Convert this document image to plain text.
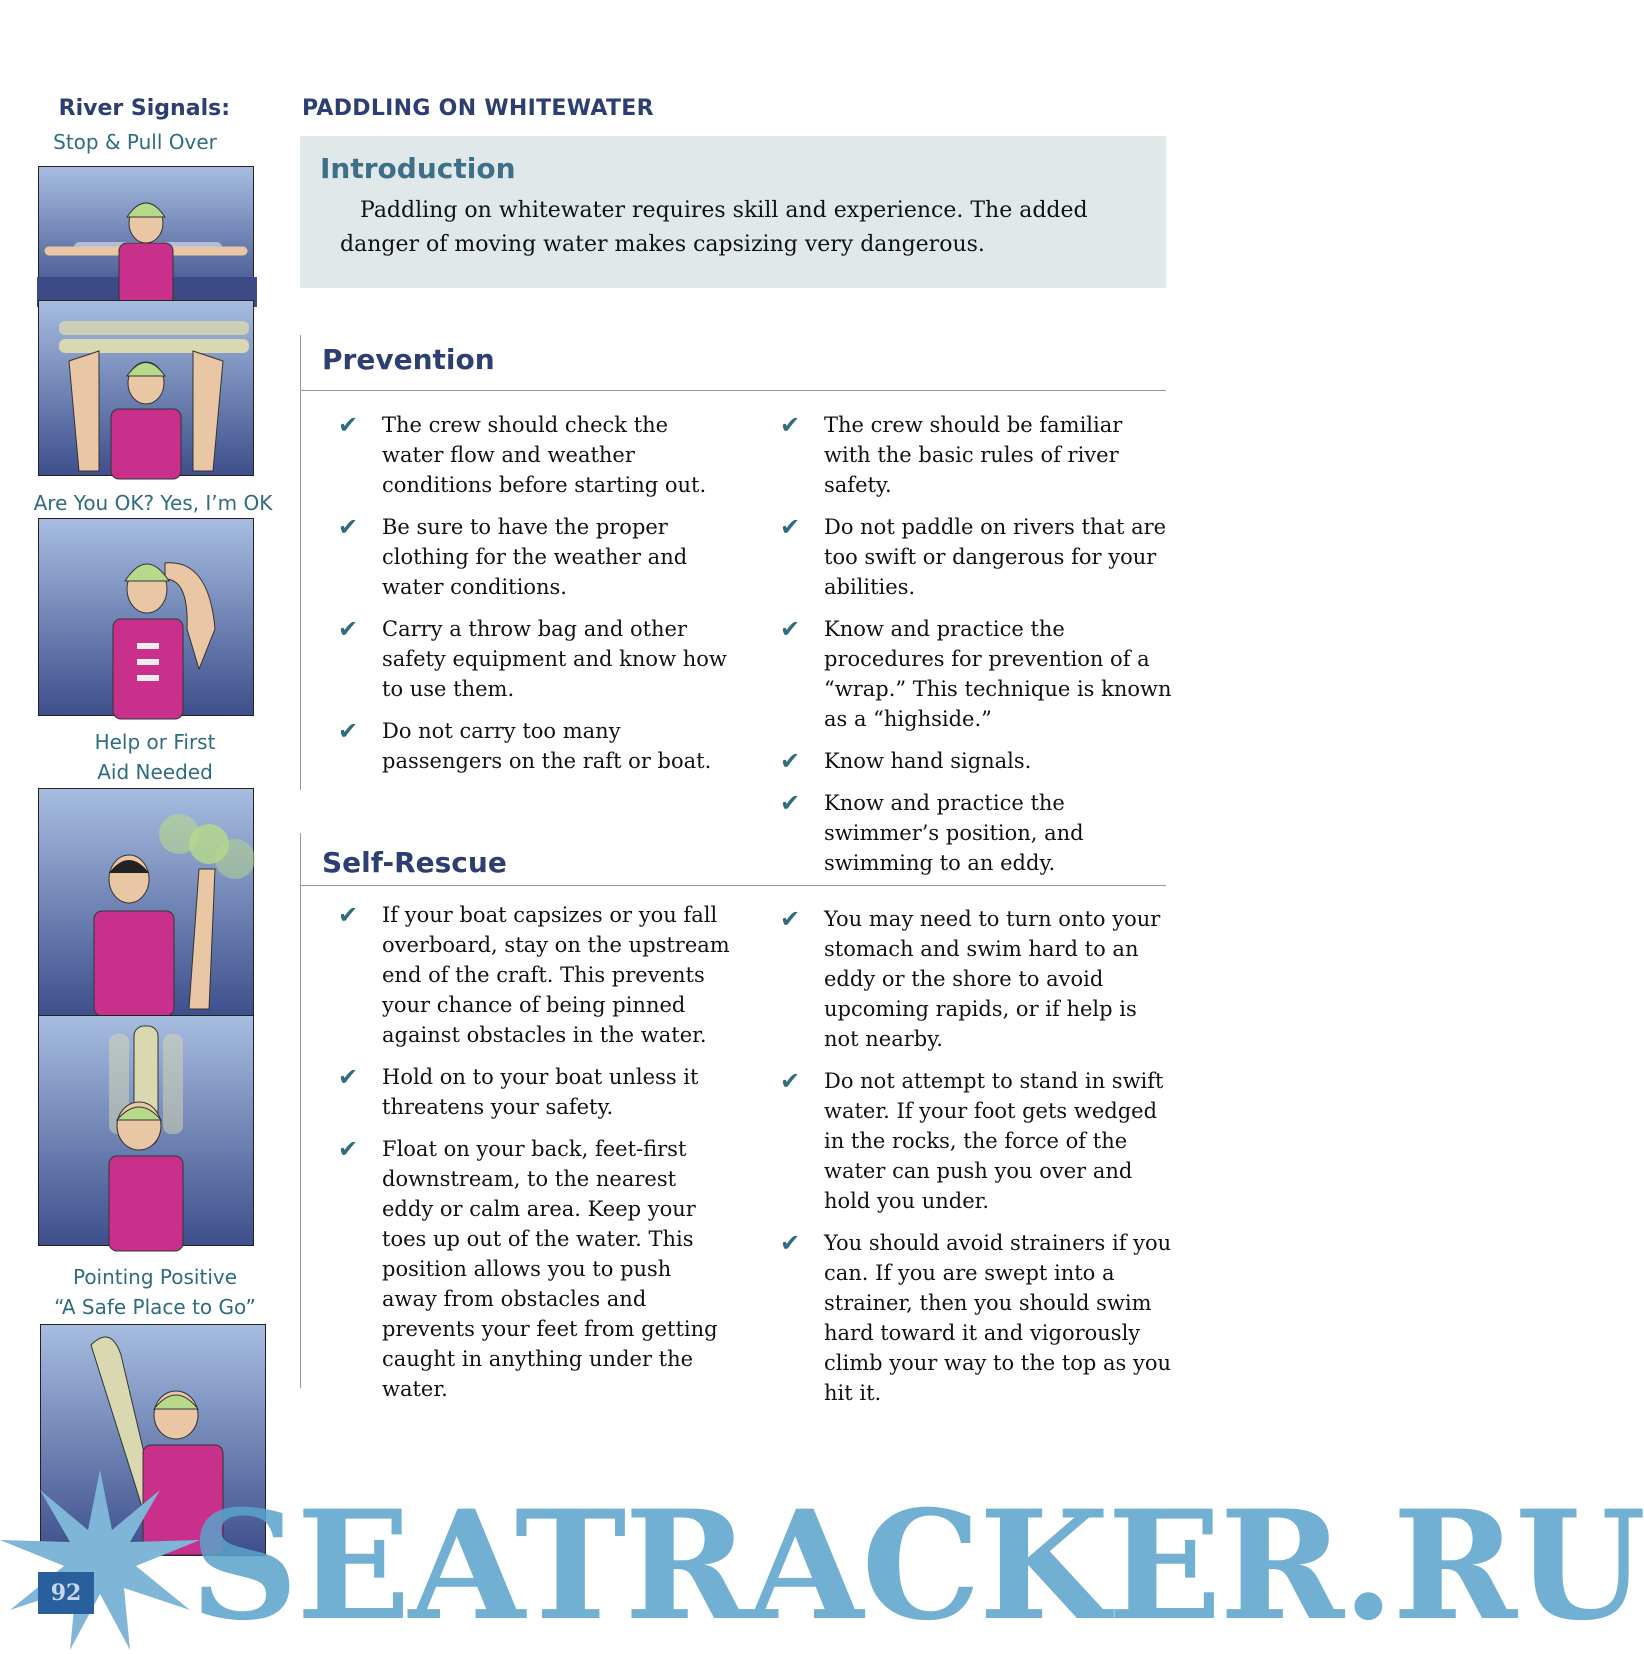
River Signals:
Stop & Pull Over
Are You OK? Yes, I’m OK
Help or First
Aid Needed
Pointing Positive
“A Safe Place to Go”
PADDLING ON WHITEWATER
Introduction
Paddling on whitewater requires skill and experience. The added danger of moving water makes capsizing very dangerous.
Prevention
✔ The crew should check the water flow and weather conditions before starting out.
✔ Be sure to have the proper clothing for the weather and water conditions.
✔ Carry a throw bag and other safety equipment and know how to use them.
✔ Do not carry too many passengers on the raft or boat.
✔ The crew should be familiar with the basic rules of river safety.
✔ Do not paddle on rivers that are too swift or dangerous for your abilities.
✔ Know and practice the procedures for prevention of a “wrap.” This technique is known as a “highside.”
✔ Know hand signals.
✔ Know and practice the swimmer’s position, and swimming to an eddy.
Self-Rescue
✔ If your boat capsizes or you fall overboard, stay on the upstream end of the craft. This prevents your chance of being pinned against obstacles in the water.
✔ Hold on to your boat unless it threatens your safety.
✔ Float on your back, feet-first downstream, to the nearest eddy or calm area. Keep your toes up out of the water. This position allows you to push away from obstacles and prevents your feet from getting caught in anything under the water.
✔ You may need to turn onto your stomach and swim hard to an eddy or the shore to avoid upcoming rapids, or if help is not nearby.
✔ Do not attempt to stand in swift water. If your foot gets wedged in the rocks, the force of the water can push you over and hold you under.
✔ You should avoid strainers if you can. If you are swept into a strainer, then you should swim hard toward it and vigorously climb your way to the top as you hit it.
92 SEATRACKER.RU
